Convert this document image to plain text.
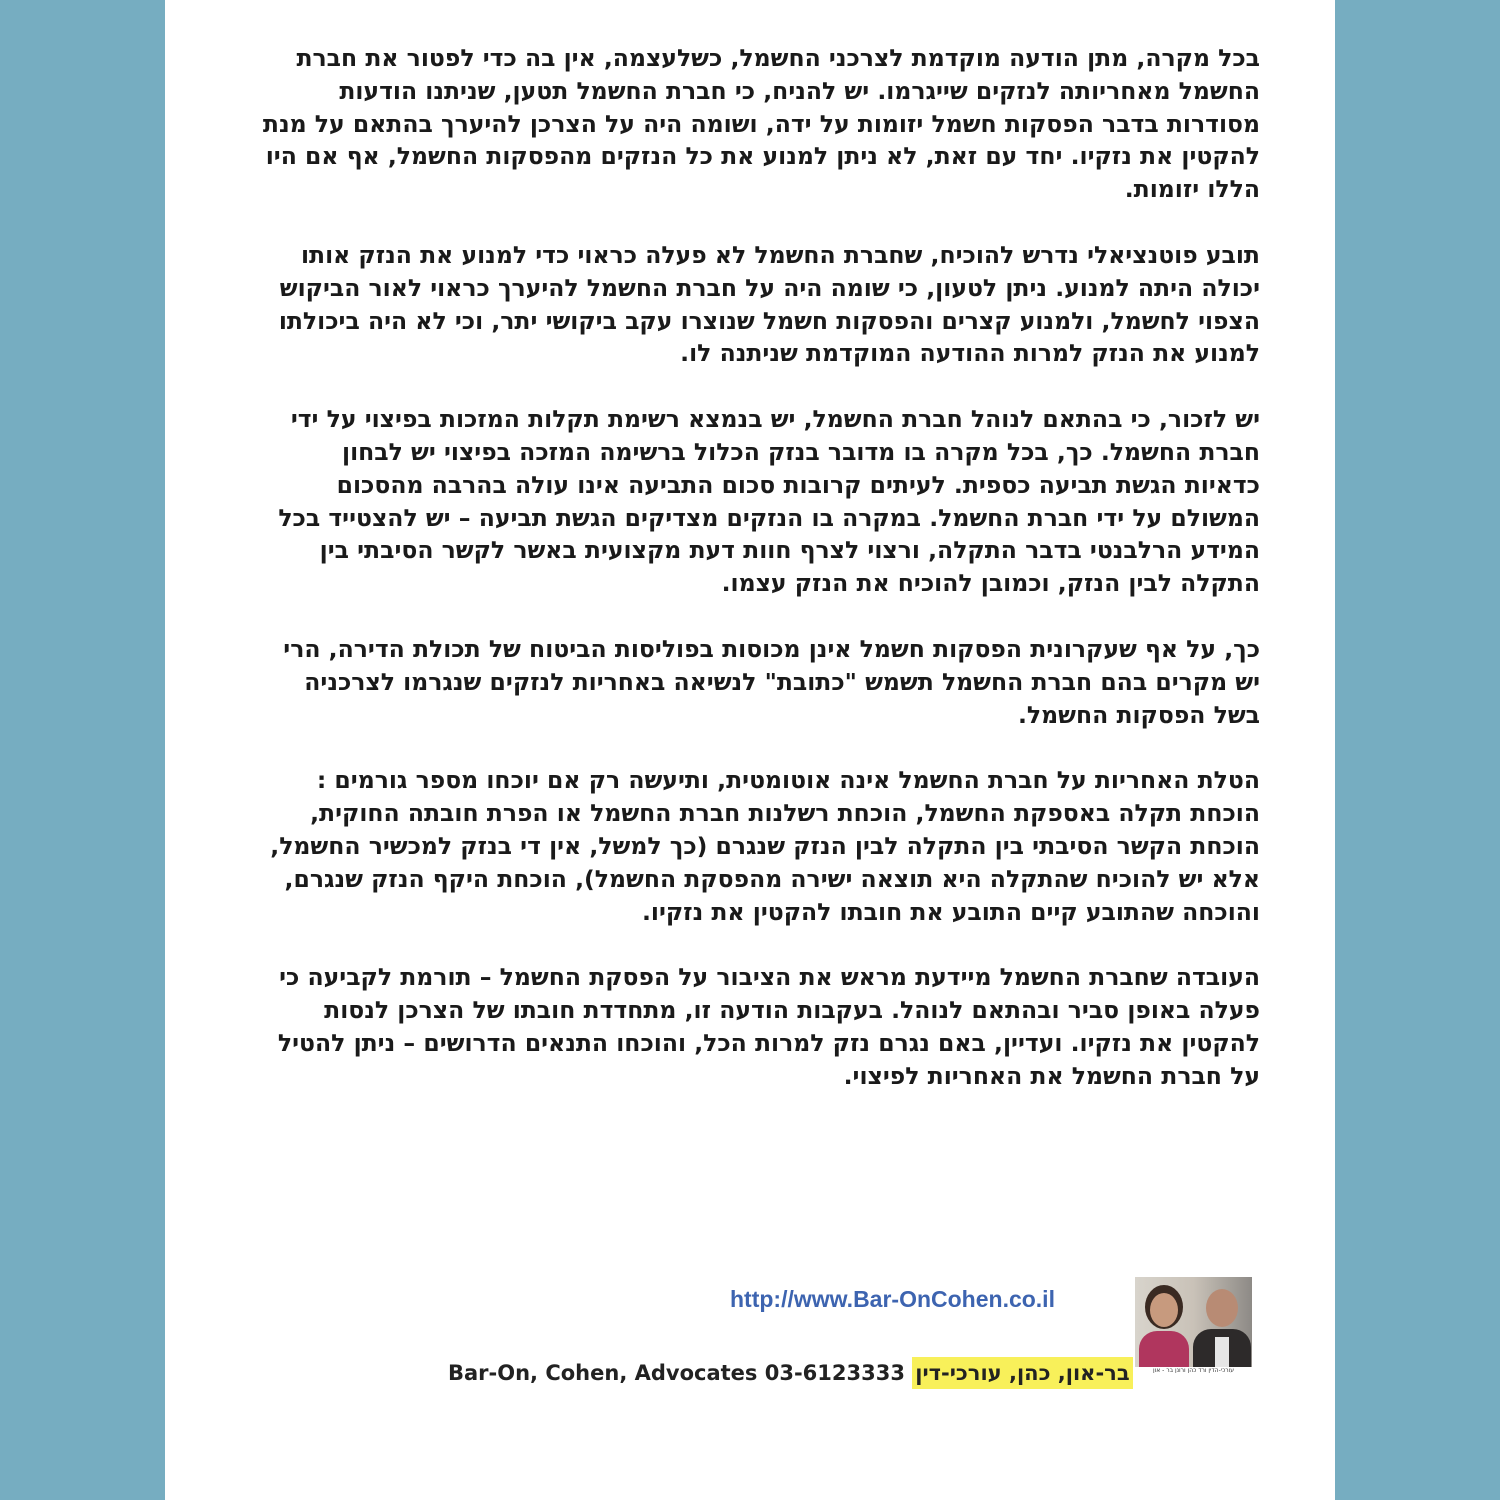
בכל מקרה, מתן הודעה מוקדמת לצרכני החשמל, כשלעצמה, אין בה כדי לפטור את חברת החשמל מאחריותה לנזקים שייגרמו. יש להניח, כי חברת החשמל תטען, שניתנו הודעות מסודרות בדבר הפסקות חשמל יזומות על ידה, ושומה היה על הצרכן להיערך בהתאם על מנת להקטין את נזקיו. יחד עם זאת, לא ניתן למנוע את כל הנזקים מהפסקות החשמל, אף אם היו הללו יזומות.

תובע פוטנציאלי נדרש להוכיח, שחברת החשמל לא פעלה כראוי כדי למנוע את הנזק אותו יכולה היתה למנוע. ניתן לטעון, כי שומה היה על חברת החשמל להיערך כראוי לאור הביקוש הצפוי לחשמל, ולמנוע קצרים והפסקות חשמל שנוצרו עקב ביקושי יתר, וכי לא היה ביכולתו למנוע את הנזק למרות ההודעה המוקדמת שניתנה לו.

יש לזכור, כי בהתאם לנוהל חברת החשמל, יש בנמצא רשימת תקלות המזכות בפיצוי על ידי חברת החשמל. כך, בכל מקרה בו מדובר בנזק הכלול ברשימה המזכה בפיצוי יש לבחון כדאיות הגשת תביעה כספית. לעיתים קרובות סכום התביעה אינו עולה בהרבה מהסכום המשולם על ידי חברת החשמל. במקרה בו הנזקים מצדיקים הגשת תביעה – יש להצטייד בכל המידע הרלבנטי בדבר התקלה, ורצוי לצרף חוות דעת מקצועית באשר לקשר הסיבתי בין התקלה לבין הנזק, וכמובן להוכיח את הנזק עצמו.

כך, על אף שעקרונית הפסקות חשמל אינן מכוסות בפוליסות הביטוח של תכולת הדירה, הרי יש מקרים בהם חברת החשמל תשמש "כתובת" לנשיאה באחריות לנזקים שנגרמו לצרכניה בשל הפסקות החשמל.

הטלת האחריות על חברת החשמל אינה אוטומטית, ותיעשה רק אם יוכחו מספר גורמים : הוכחת תקלה באספקת החשמל, הוכחת רשלנות חברת החשמל או הפרת חובתה החוקית, הוכחת הקשר הסיבתי בין התקלה לבין הנזק שנגרם (כך למשל, אין די בנזק למכשיר החשמל, אלא יש להוכיח שהתקלה היא תוצאה ישירה מהפסקת החשמל), הוכחת היקף הנזק שנגרם, והוכחה שהתובע קיים התובע את חובתו להקטין את נזקיו.

העובדה שחברת החשמל מיידעת מראש את הציבור על הפסקת החשמל – תורמת לקביעה כי פעלה באופן סביר ובהתאם לנוהל. בעקבות הודעה זו, מתחדדת חובתו של הצרכן לנסות להקטין את נזקיו. ועדיין, באם נגרם נזק למרות הכל, והוכחו התנאים הדרושים – ניתן להטיל על חברת החשמל את האחריות לפיצוי.

עורכי-הדין ורד כהן ורונן בר - און
http://www.Bar-OnCohen.co.il
Bar-On, Cohen, Advocates 03-6123333 בר-און, כהן, עורכי-דין
